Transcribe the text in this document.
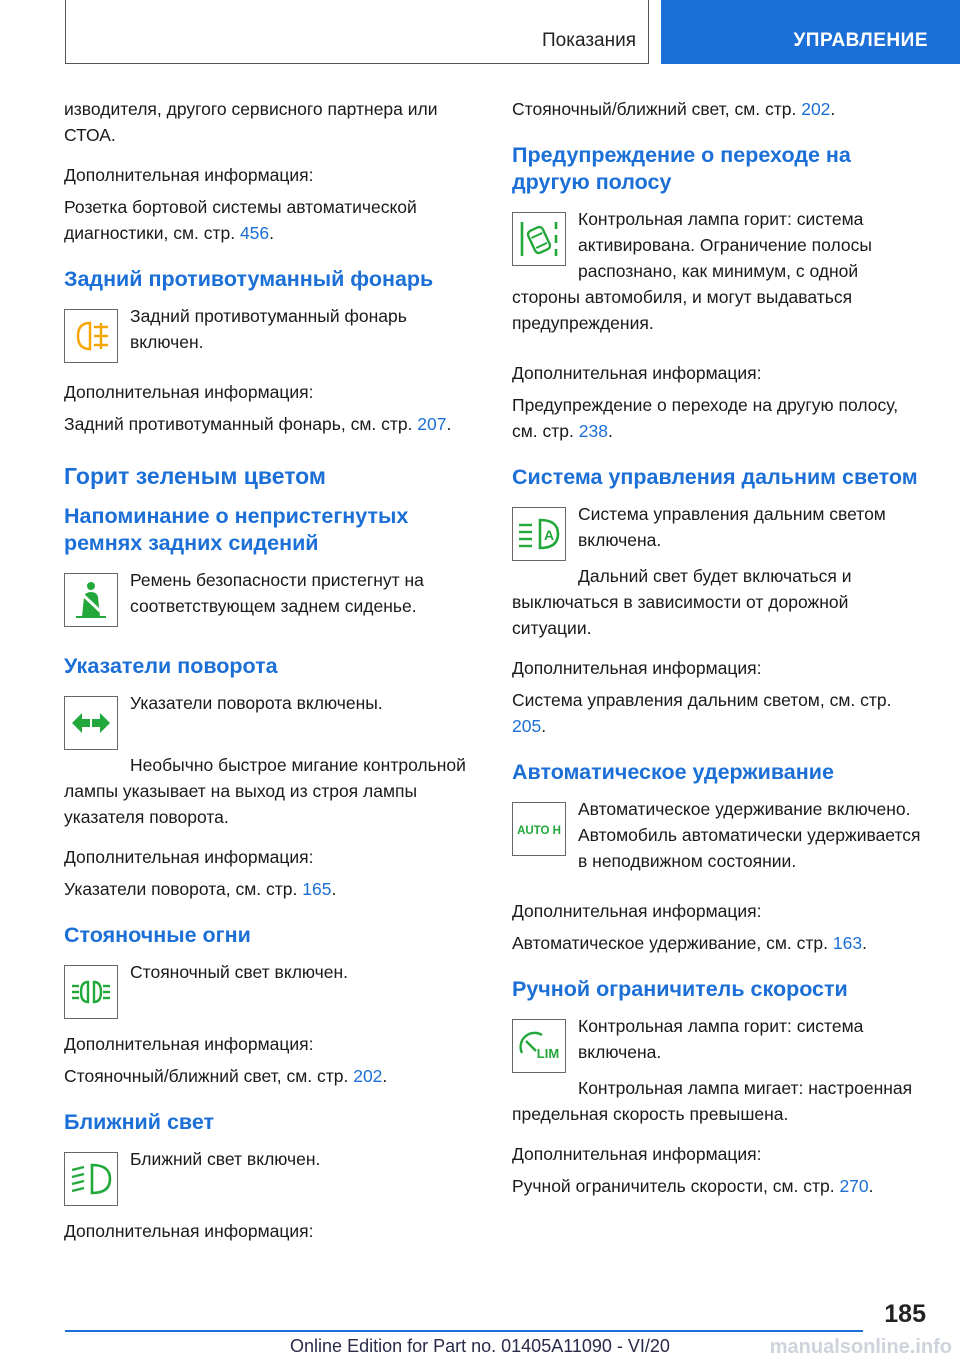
Показания	УПРАВЛЕНИЕ

изводителя, другого сервисного партнера или СТОА.

Дополнительная информация:

Розетка бортовой системы автоматической диагностики, см. стр. 456.

Задний противотуманный фонарь

Задний противотуманный фонарь включен.

Дополнительная информация:

Задний противотуманный фонарь, см. стр. 207.

Горит зеленым цветом
Напоминание о непристегнутых ремнях задних сидений

Ремень безопасности пристегнут на соответствующем заднем сиденье.

Указатели поворота

Указатели поворота включены.

Необычно быстрое мигание контрольной лампы указывает на выход из строя лампы указателя поворота.

Дополнительная информация:

Указатели поворота, см. стр. 165.

Стояночные огни

Стояночный свет включен.

Дополнительная информация:

Стояночный/ближний свет, см. стр. 202.

Ближний свет

Ближний свет включен.

Дополнительная информация:

Стояночный/ближний свет, см. стр. 202.

Предупреждение о переходе на другую полосу

Контрольная лампа горит: система активирована. Ограничение полосы распознано, как минимум, с одной стороны автомобиля, и могут выдаваться предупреждения.

Дополнительная информация:

Предупреждение о переходе на другую полосу, см. стр. 238.

Система управления дальним светом
A

Система управления дальним светом включена.

Дальний свет будет включаться и выключаться в зависимости от дорожной ситуации.

Дополнительная информация:

Система управления дальним светом, см. стр. 205.

Автоматическое удерживание
AUTO H

Автоматическое удерживание включено. Автомобиль автоматически удерживается в неподвижном состоянии.

Дополнительная информация:

Автоматическое удерживание, см. стр. 163.

Ручной ограничитель скорости
LIM

Контрольная лампа горит: система включена.

Контрольная лампа мигает: настроенная предельная скорость превышена.

Дополнительная информация:

Ручной ограничитель скорости, см. стр. 270.

185
Online Edition for Part no. 01405A11090 - VI/20	manualsonline.info
